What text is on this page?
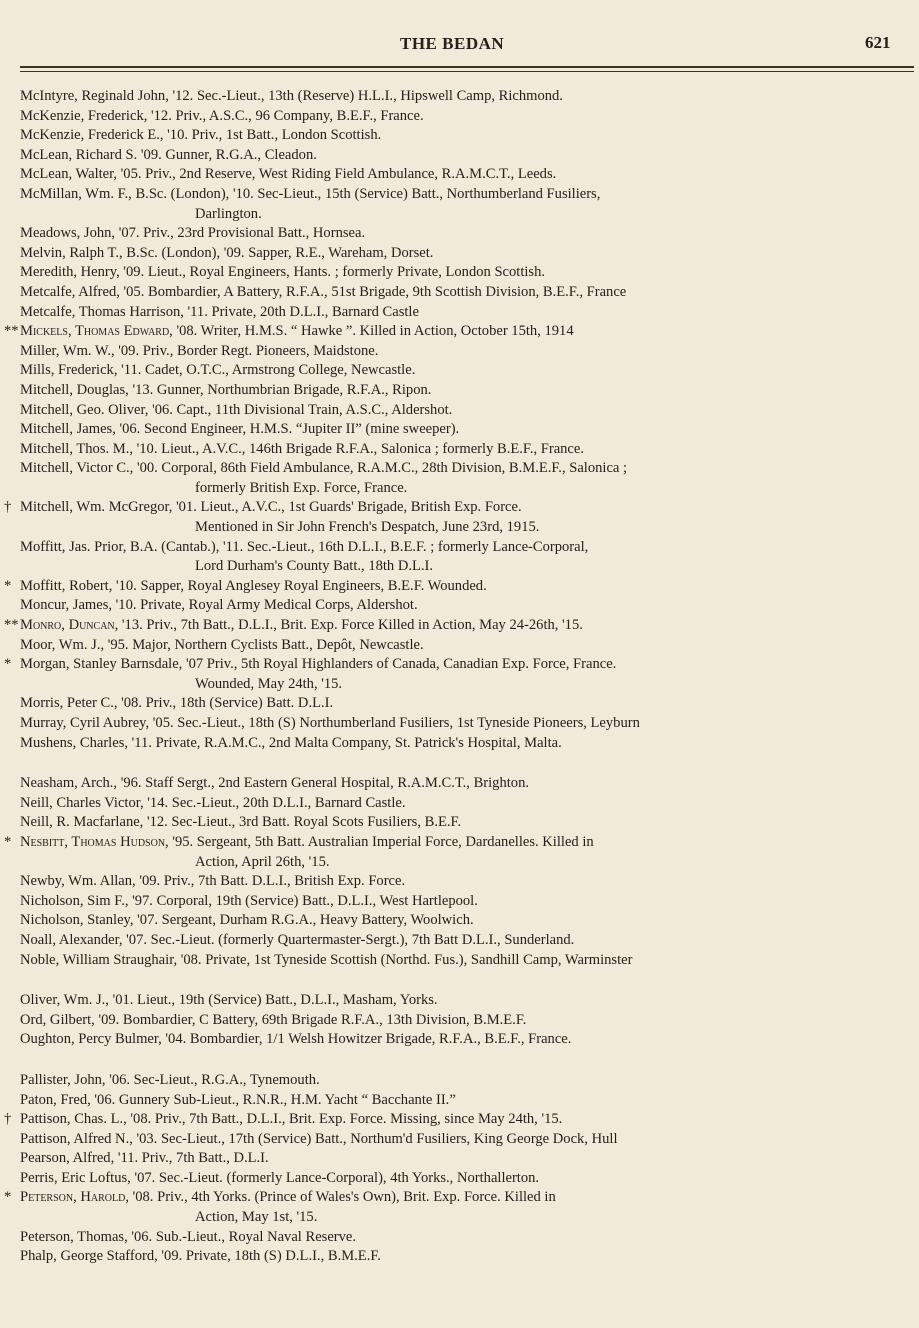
THE BEDAN	621
McIntyre, Reginald John, '12. Sec.-Lieut., 13th (Reserve) H.L.I., Hipswell Camp, Richmond.
McKenzie, Frederick, '12. Priv., A.S.C., 96 Company, B.E.F., France.
McKenzie, Frederick E., '10. Priv., 1st Batt., London Scottish.
McLean, Richard S. '09. Gunner, R.G.A., Cleadon.
McLean, Walter, '05. Priv., 2nd Reserve, West Riding Field Ambulance, R.A.M.C.T., Leeds.
McMillan, Wm. F., B.Sc. (London), '10. Sec-Lieut., 15th (Service) Batt., Northumberland Fusiliers,
Darlington.
Meadows, John, '07. Priv., 23rd Provisional Batt., Hornsea.
Melvin, Ralph T., B.Sc. (London), '09. Sapper, R.E., Wareham, Dorset.
Meredith, Henry, '09. Lieut., Royal Engineers, Hants. ; formerly Private, London Scottish.
Metcalfe, Alfred, '05. Bombardier, A Battery, R.F.A., 51st Brigade, 9th Scottish Division, B.E.F., France
Metcalfe, Thomas Harrison, '11. Private, 20th D.L.I., Barnard Castle
** Mickels, Thomas Edward, '08. Writer, H.M.S. “ Hawke ”. Killed in Action, October 15th, 1914
Miller, Wm. W., '09. Priv., Border Regt. Pioneers, Maidstone.
Mills, Frederick, '11. Cadet, O.T.C., Armstrong College, Newcastle.
Mitchell, Douglas, '13. Gunner, Northumbrian Brigade, R.F.A., Ripon.
Mitchell, Geo. Oliver, '06. Capt., 11th Divisional Train, A.S.C., Aldershot.
Mitchell, James, '06. Second Engineer, H.M.S. “Jupiter II” (mine sweeper).
Mitchell, Thos. M., '10. Lieut., A.V.C., 146th Brigade R.F.A., Salonica ; formerly B.E.F., France.
Mitchell, Victor C., '00. Corporal, 86th Field Ambulance, R.A.M.C., 28th Division, B.M.E.F., Salonica ;
formerly British Exp. Force, France.
† Mitchell, Wm. McGregor, '01. Lieut., A.V.C., 1st Guards' Brigade, British Exp. Force.
Mentioned in Sir John French's Despatch, June 23rd, 1915.
Moffitt, Jas. Prior, B.A. (Cantab.), '11. Sec.-Lieut., 16th D.L.I., B.E.F. ; formerly Lance-Corporal,
Lord Durham's County Batt., 18th D.L.I.
* Moffitt, Robert, '10. Sapper, Royal Anglesey Royal Engineers, B.E.F. Wounded.
Moncur, James, '10. Private, Royal Army Medical Corps, Aldershot.
** Monro, Duncan, '13. Priv., 7th Batt., D.L.I., Brit. Exp. Force Killed in Action, May 24-26th, '15.
Moor, Wm. J., '95. Major, Northern Cyclists Batt., Depôt, Newcastle.
* Morgan, Stanley Barnsdale, '07 Priv., 5th Royal Highlanders of Canada, Canadian Exp. Force, France.
Wounded, May 24th, '15.
Morris, Peter C., '08. Priv., 18th (Service) Batt. D.L.I.
Murray, Cyril Aubrey, '05. Sec.-Lieut., 18th (S) Northumberland Fusiliers, 1st Tyneside Pioneers, Leyburn
Mushens, Charles, '11. Private, R.A.M.C., 2nd Malta Company, St. Patrick's Hospital, Malta.
Neasham, Arch., '96. Staff Sergt., 2nd Eastern General Hospital, R.A.M.C.T., Brighton.
Neill, Charles Victor, '14. Sec.-Lieut., 20th D.L.I., Barnard Castle.
Neill, R. Macfarlane, '12. Sec-Lieut., 3rd Batt. Royal Scots Fusiliers, B.E.F.
* Nesbitt, Thomas Hudson, '95. Sergeant, 5th Batt. Australian Imperial Force, Dardanelles. Killed in
Action, April 26th, '15.
Newby, Wm. Allan, '09. Priv., 7th Batt. D.L.I., British Exp. Force.
Nicholson, Sim F., '97. Corporal, 19th (Service) Batt., D.L.I., West Hartlepool.
Nicholson, Stanley, '07. Sergeant, Durham R.G.A., Heavy Battery, Woolwich.
Noall, Alexander, '07. Sec.-Lieut. (formerly Quartermaster-Sergt.), 7th Batt D.L.I., Sunderland.
Noble, William Straughair, '08. Private, 1st Tyneside Scottish (Northd. Fus.), Sandhill Camp, Warminster
Oliver, Wm. J., '01. Lieut., 19th (Service) Batt., D.L.I., Masham, Yorks.
Ord, Gilbert, '09. Bombardier, C Battery, 69th Brigade R.F.A., 13th Division, B.M.E.F.
Oughton, Percy Bulmer, '04. Bombardier, 1/1 Welsh Howitzer Brigade, R.F.A., B.E.F., France.
Pallister, John, '06. Sec-Lieut., R.G.A., Tynemouth.
Paton, Fred, '06. Gunnery Sub-Lieut., R.N.R., H.M. Yacht “ Bacchante II.”
† Pattison, Chas. L., '08. Priv., 7th Batt., D.L.I., Brit. Exp. Force. Missing, since May 24th, '15.
Pattison, Alfred N., '03. Sec-Lieut., 17th (Service) Batt., Northum'd Fusiliers, King George Dock, Hull
Pearson, Alfred, '11. Priv., 7th Batt., D.L.I.
Perris, Eric Loftus, '07. Sec.-Lieut. (formerly Lance-Corporal), 4th Yorks., Northallerton.
* Peterson, Harold, '08. Priv., 4th Yorks. (Prince of Wales's Own), Brit. Exp. Force. Killed in
Action, May 1st, '15.
Peterson, Thomas, '06. Sub.-Lieut., Royal Naval Reserve.
Phalp, George Stafford, '09. Private, 18th (S) D.L.I., B.M.E.F.
